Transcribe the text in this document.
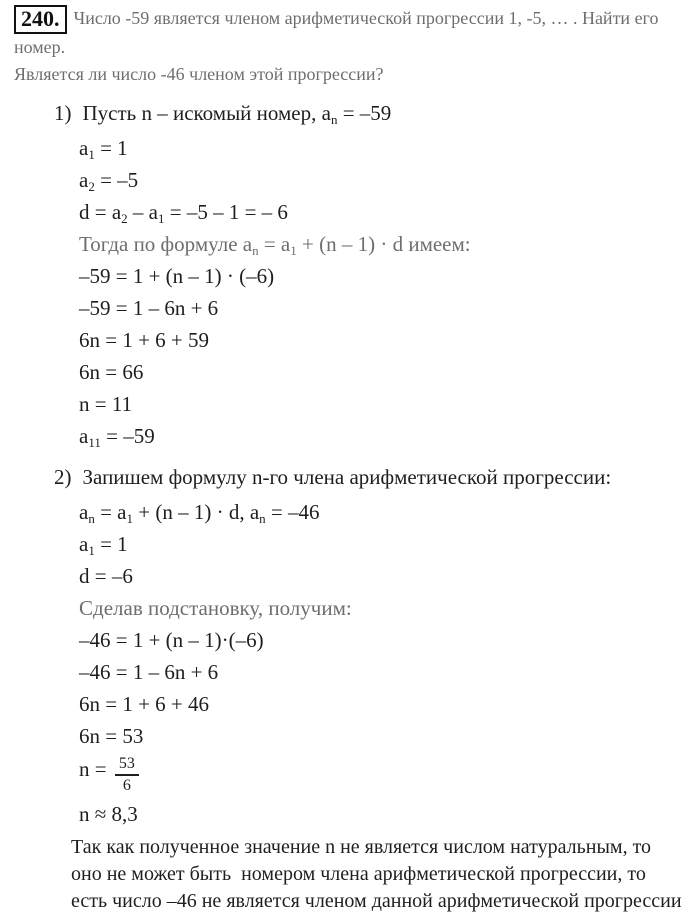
240. Число -59 является членом арифметической прогрессии 1, -5, … . Найти его номер.
Является ли число -46 членом этой прогрессии?
1) Пусть n – искомый номер, $a_n = -59$
$a_1 = 1$
$a_2 = -5$
$d = a_2 - a_1 = -5 - 1$ = – 6
Тогда по формуле $a_n = a_1 + (n - 1) \cdot d$ имеем:
–59 = 1 + (n – 1) · (–6)
–59 = 1 – 6n + 6
6n = 1 + 6 + 59
6n = 66
n = 11
$a_{11} = -59$
2) Запишем формулу n-го члена арифметической прогрессии:
$a_n = a_1 + (n - 1) \cdot d$, $a_n = -46$
$a_1 = 1$
d = –6
Сделав подстановку, получим:
–46 = 1 + (n – 1)·(–6)
–46 = 1 – 6n + 6
6n = 1 + 6 + 46
6n = 53
$n = \frac{53}{6}$
n ≈ 8,3
Так как полученное значение n не является числом натуральным, то
оно не может быть  номером члена арифметической прогрессии, то
есть число –46 не является членом данной арифметической прогрессии
